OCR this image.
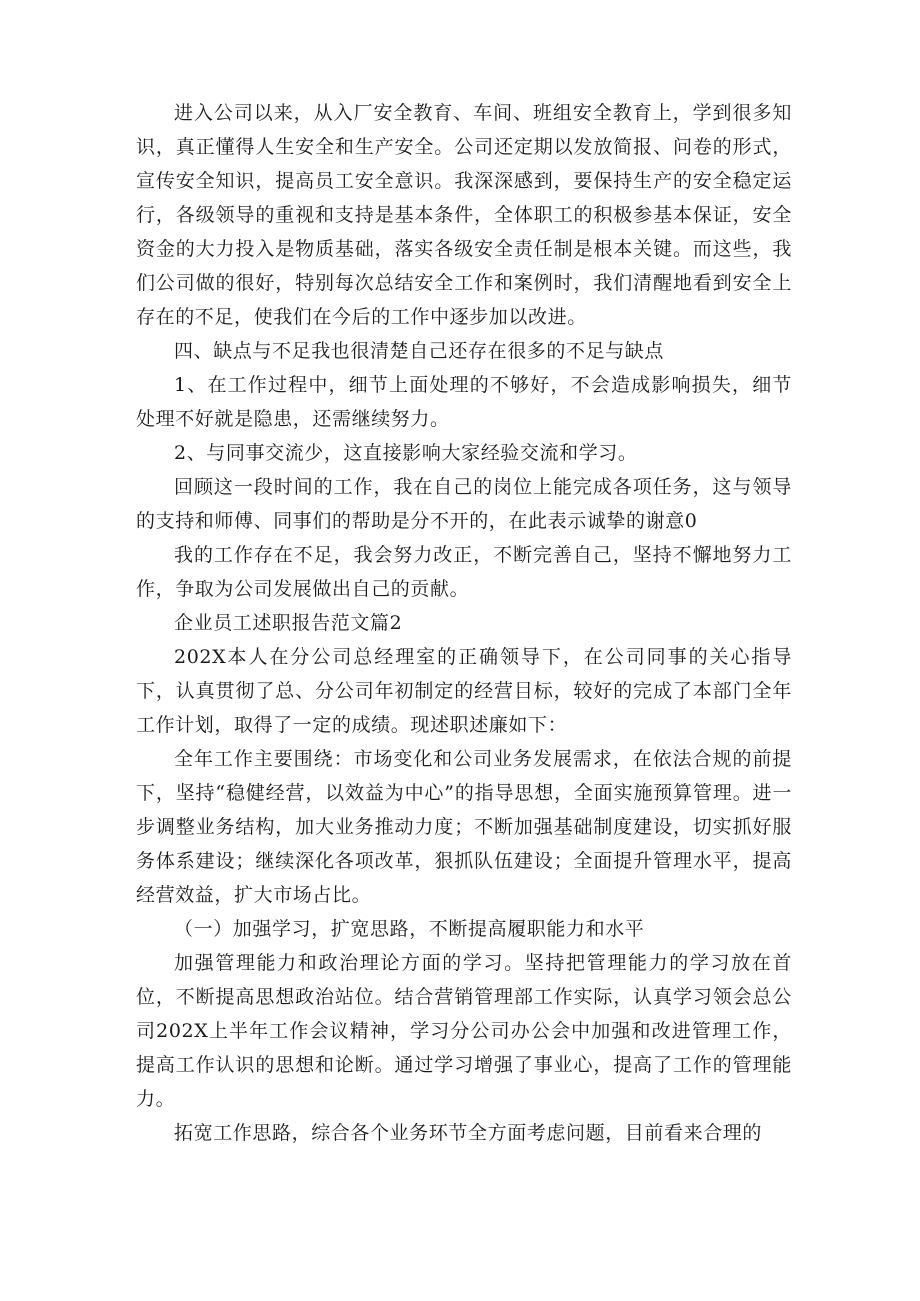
进入公司以来，从入厂安全教育、车间、班组安全教育上，学到很多知识，真正懂得人生安全和生产安全。公司还定期以发放简报、问卷的形式，宣传安全知识，提高员工安全意识。我深深感到，要保持生产的安全稳定运行，各级领导的重视和支持是基本条件，全体职工的积极参基本保证，安全资金的大力投入是物质基础，落实各级安全责任制是根本关键。而这些，我们公司做的很好，特别每次总结安全工作和案例时，我们清醒地看到安全上存在的不足，使我们在今后的工作中逐步加以改进。

四、缺点与不足我也很清楚自己还存在很多的不足与缺点

1、在工作过程中，细节上面处理的不够好，不会造成影响损失，细节处理不好就是隐患，还需继续努力。

2、与同事交流少，这直接影响大家经验交流和学习。

回顾这一段时间的工作，我在自己的岗位上能完成各项任务，这与领导的支持和师傅、同事们的帮助是分不开的，在此表示诚挚的谢意0

我的工作存在不足，我会努力改正，不断完善自己，坚持不懈地努力工作，争取为公司发展做出自己的贡献。

企业员工述职报告范文篇2

202X本人在分公司总经理室的正确领导下，在公司同事的关心指导下，认真贯彻了总、分公司年初制定的经营目标，较好的完成了本部门全年工作计划，取得了一定的成绩。现述职述廉如下：

全年工作主要围绕：市场变化和公司业务发展需求，在依法合规的前提下，坚持“稳健经营，以效益为中心”的指导思想，全面实施预算管理。进一步调整业务结构，加大业务推动力度；不断加强基础制度建设，切实抓好服务体系建设；继续深化各项改革，狠抓队伍建设；全面提升管理水平，提高经营效益，扩大市场占比。

（一）加强学习，扩宽思路，不断提高履职能力和水平

加强管理能力和政治理论方面的学习。坚持把管理能力的学习放在首位，不断提高思想政治站位。结合营销管理部工作实际，认真学习领会总公司202X上半年工作会议精神，学习分公司办公会中加强和改进管理工作，提高工作认识的思想和论断。通过学习增强了事业心，提高了工作的管理能力。

拓宽工作思路，综合各个业务环节全方面考虑问题，目前看来合理的
